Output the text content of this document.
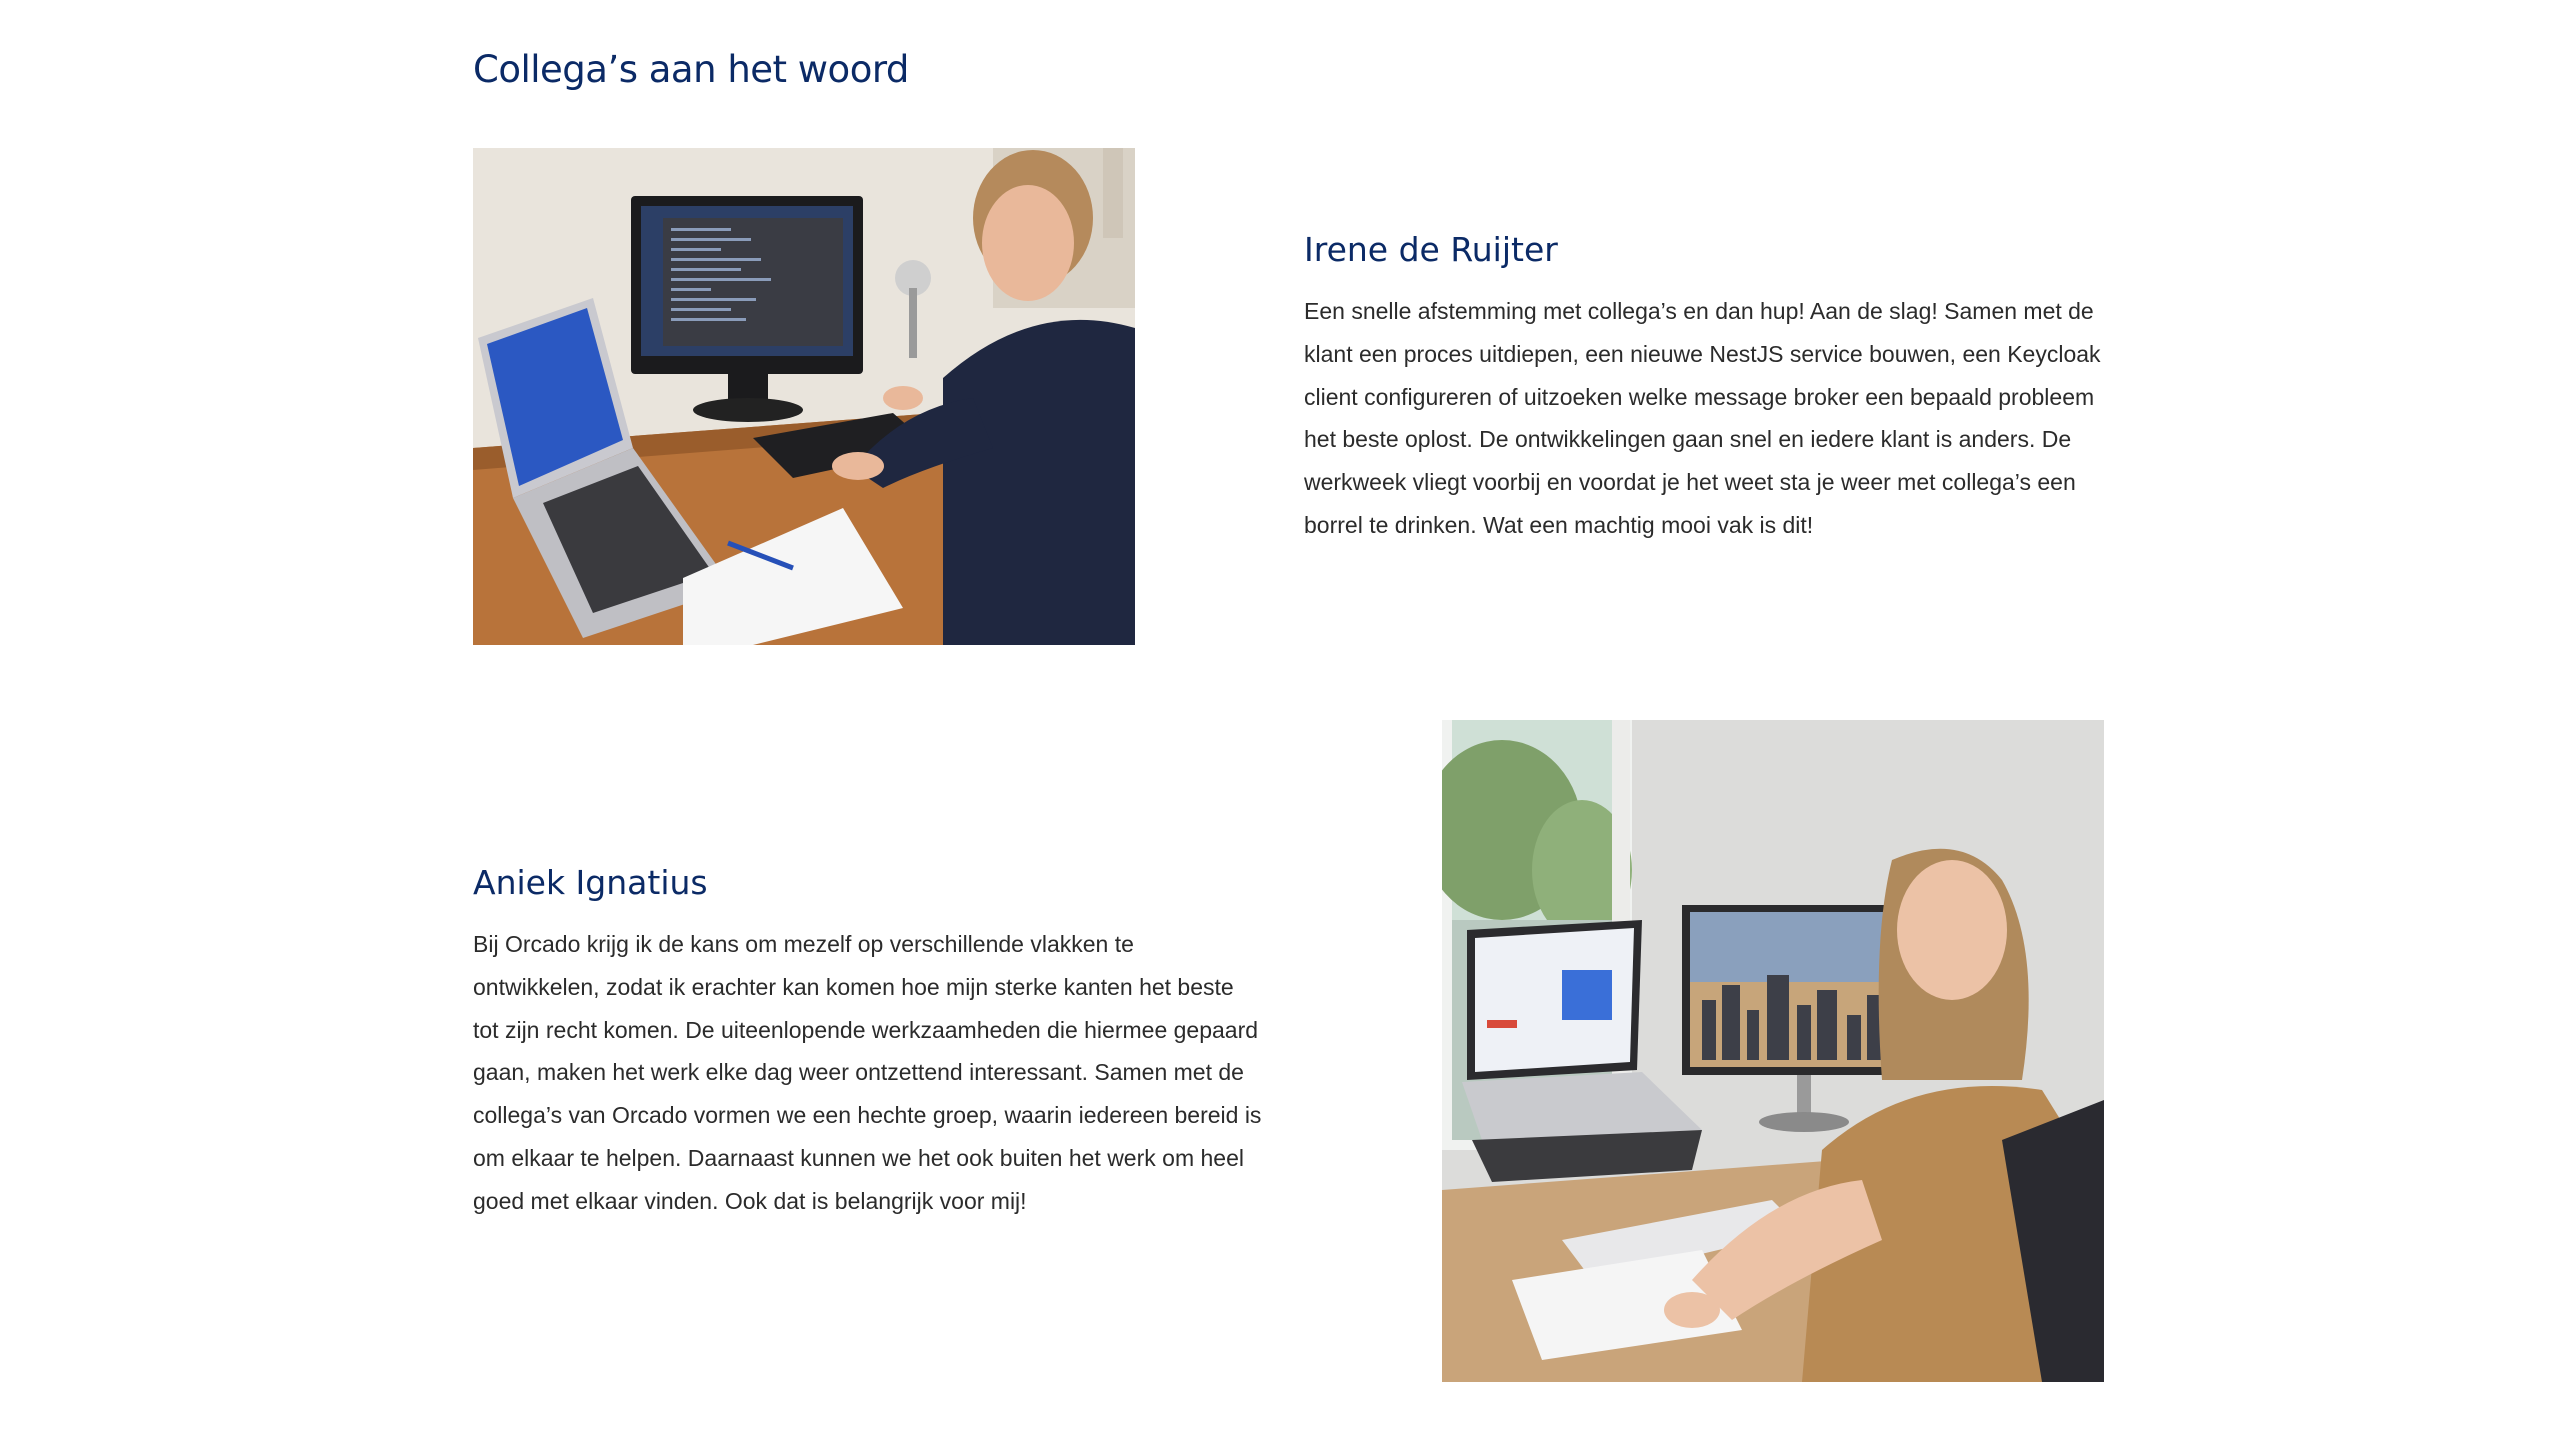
Collega’s aan het woord
Irene de Ruijter

Een snelle afstemming met collega’s en dan hup! Aan de slag! Samen met de klant een proces uitdiepen, een nieuwe NestJS service bouwen, een Keycloak client configureren of uitzoeken welke message broker een bepaald probleem het beste oplost. De ontwikkelingen gaan snel en iedere klant is anders. De werkweek vliegt voorbij en voordat je het weet sta je weer met collega’s een borrel te drinken. Wat een machtig mooi vak is dit!

Aniek Ignatius

Bij Orcado krijg ik de kans om mezelf op verschillende vlakken te ontwikkelen, zodat ik erachter kan komen hoe mijn sterke kanten het beste tot zijn recht komen. De uiteenlopende werkzaamheden die hiermee gepaard gaan, maken het werk elke dag weer ontzettend interessant. Samen met de collega’s van Orcado vormen we een hechte groep, waarin iedereen bereid is om elkaar te helpen. Daarnaast kunnen we het ook buiten het werk om heel goed met elkaar vinden. Ook dat is belangrijk voor mij!
